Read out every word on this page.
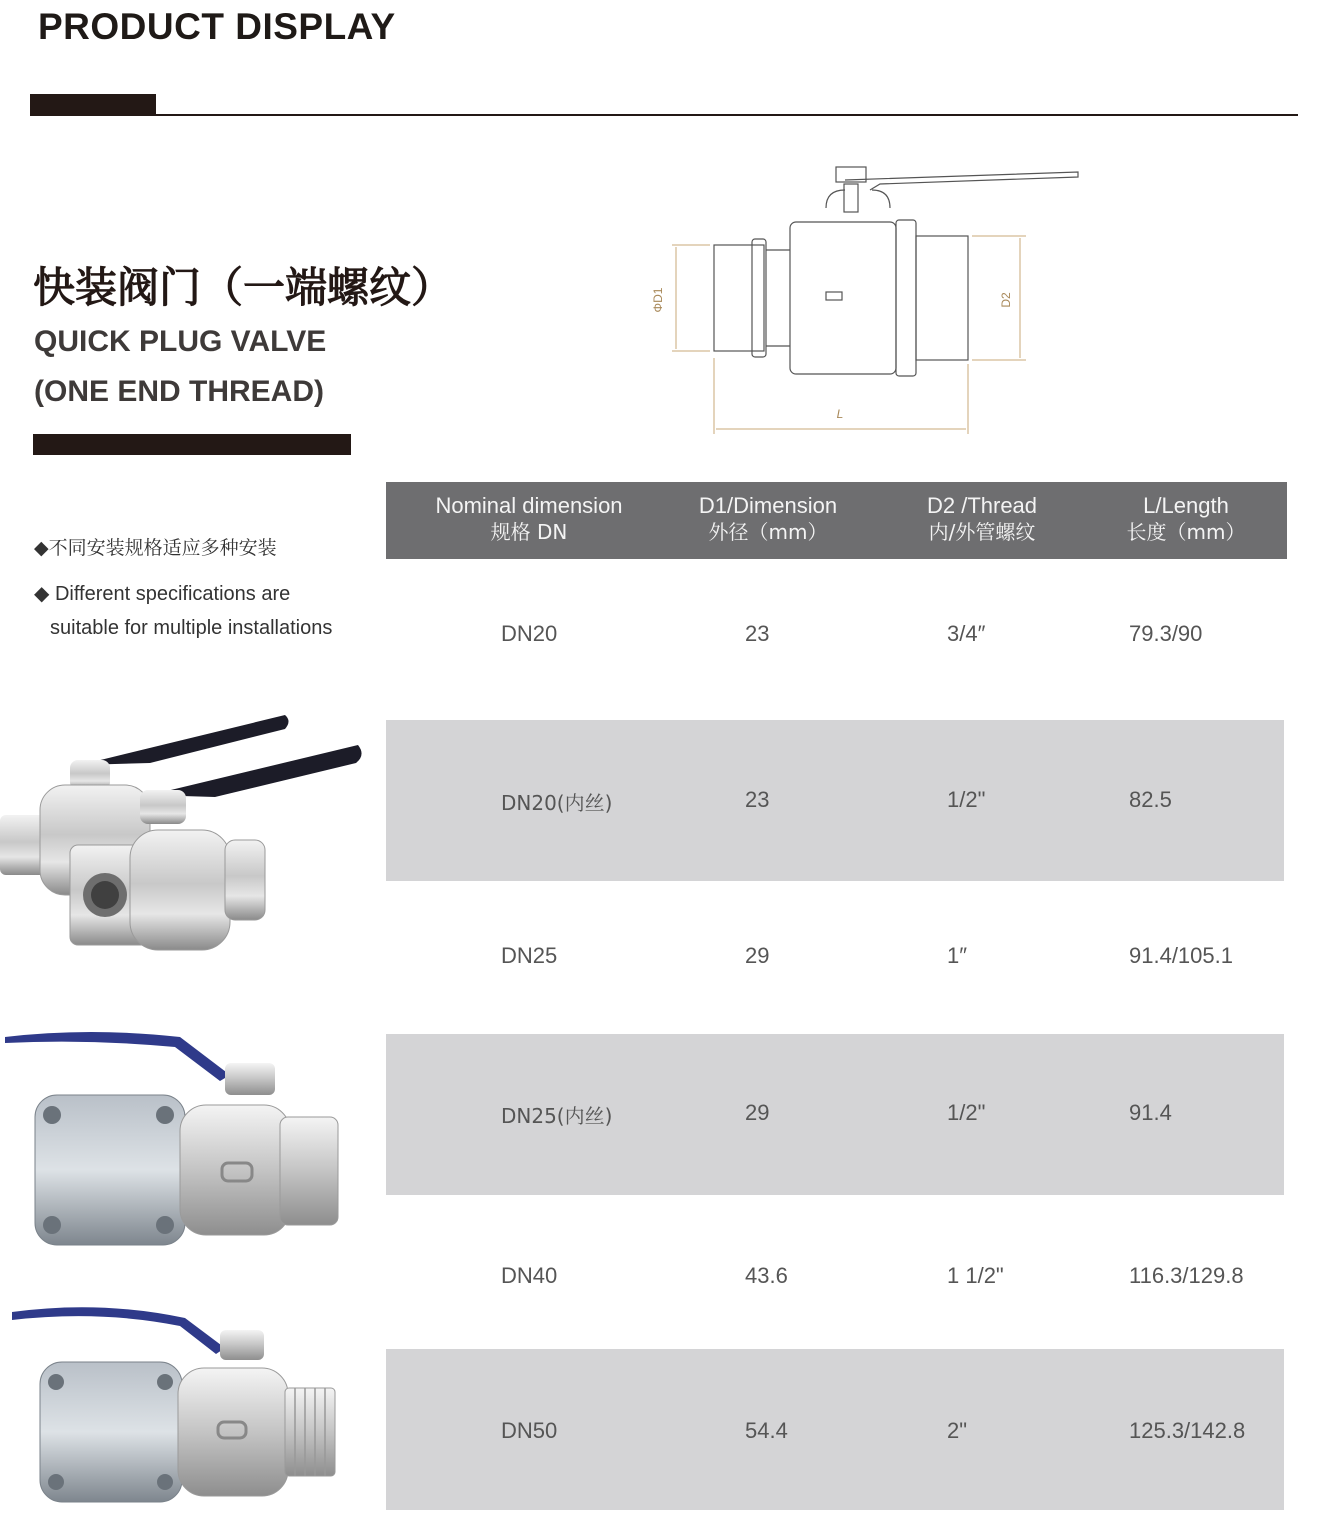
PRODUCT DISPLAY
快装阀门（一端螺纹）
QUICK PLUG VALVE
(ONE END THREAD)
◆不同安装规格适应多种安装
◆ Different specifications are
suitable for multiple installations
ΦD1	D2
L
Nominal dimension
规格 DN
D1/Dimension
外径（mm）
D2 /Thread
内/外管螺纹
L/Length
长度（mm）
DN20	23	3/4″	79.3/90
DN20(内丝)	23	1/2"	82.5
DN25	29	1″	91.4/105.1
DN25(内丝)	29	1/2"	91.4
DN40	43.6	1 1/2"	116.3/129.8
DN50	54.4	2"	125.3/142.8
